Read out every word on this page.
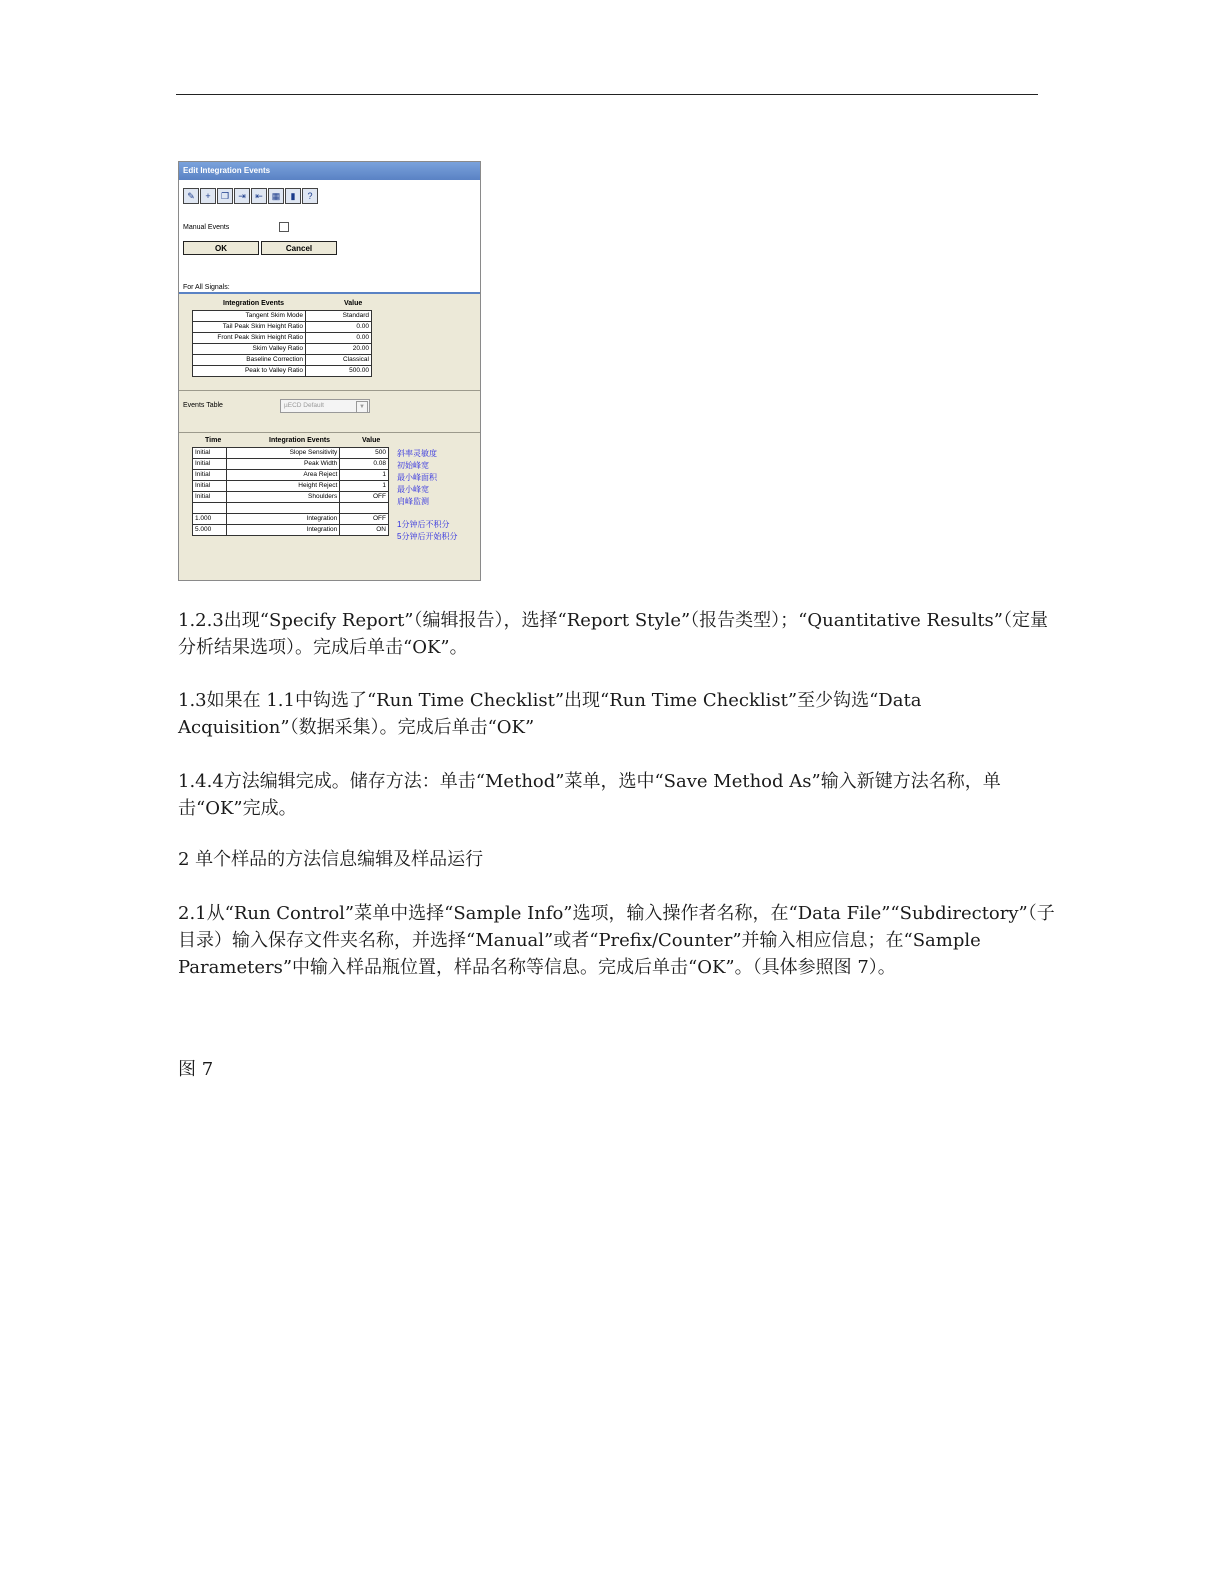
Edit Integration Events
✎	+	❐	⇥	⇤ ▦	▮	?
Manual Events
OK	Cancel
For All Signals:
Integration Events	Value
Tangent Skim Mode	Standard
Tail Peak Skim Height Ratio	0.00
Front Peak Skim Height Ratio	0.00
Skim Valley Ratio	20.00
Baseline Correction	Classical
Peak to Valley Ratio	500.00
Events Table	µECD Default	▼
Time	Integration Events	Value
Initial	Slope Sensitivity	500
Initial	Peak Width	0.08
Initial	Area Reject	1
Initial	Height Reject	1
Initial	Shoulders	OFF

1.000	Integration	OFF
5.000	Integration	ON
斜率灵敏度
初始峰宽
最小峰面积
最小峰宽
肩峰监测
1分钟后不积分
5分钟后开始积分

1.2.3出现“Specify Report”（编辑报告），选择“Report Style”（报告类型）；“Quantitative Results”（定量分析结果选项）。完成后单击“OK”。

1.3如果在 1.1中钩选了“Run Time Checklist”出现“Run Time Checklist”至少钩选“Data Acquisition”（数据采集）。完成后单击“OK”

1.4.4方法编辑完成。储存方法：单击“Method”菜单，选中“Save Method As”输入新键方法名称，单击“OK”完成。

2 单个样品的方法信息编辑及样品运行

2.1从“Run Control”菜单中选择“Sample Info”选项，输入操作者名称，在“Data File”“Subdirectory”（子目录）输入保存文件夹名称，并选择“Manual”或者“Prefix/Counter”并输入相应信息；在“Sample Parameters”中输入样品瓶位置，样品名称等信息。完成后单击“OK”。（具体参照图 7）。

图 7
